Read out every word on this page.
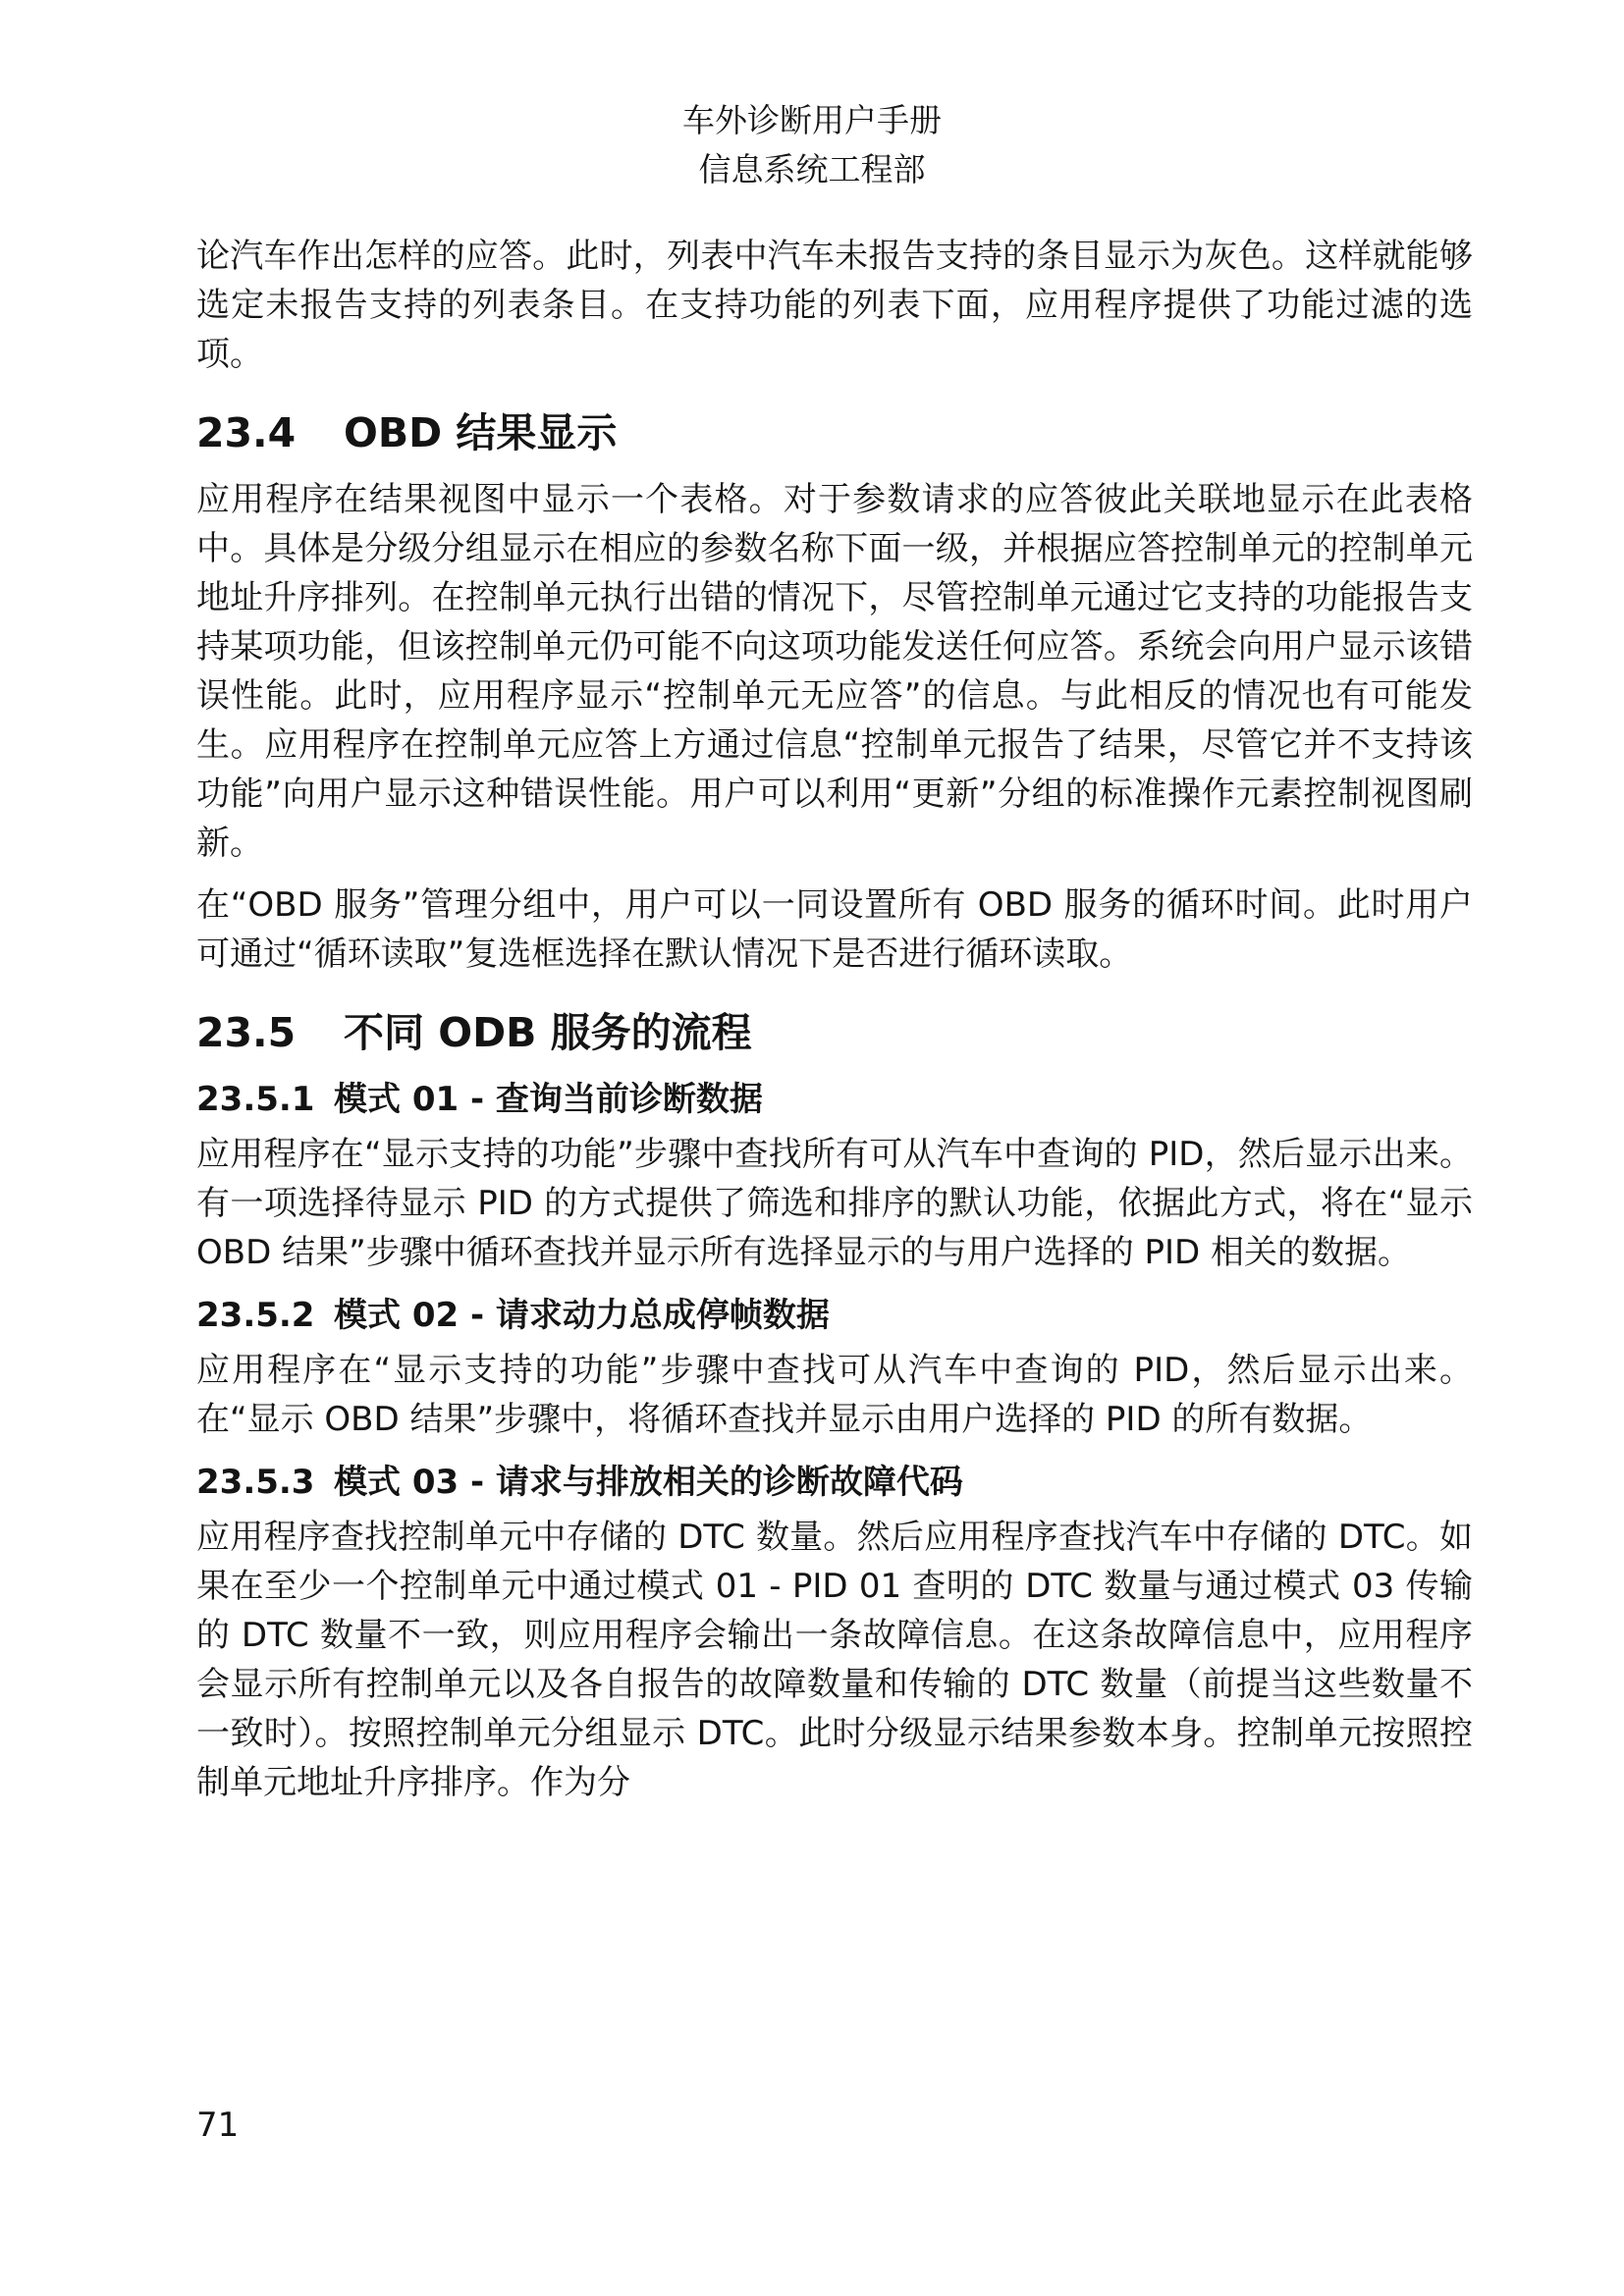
车外诊断用户手册
信息系统工程部

论汽车作出怎样的应答。此时，列表中汽车未报告支持的条目显示为灰色。这样就能够选定未报告支持的列表条目。在支持功能的列表下面，应用程序提供了功能过滤的选项。

23.4 OBD 结果显示

应用程序在结果视图中显示一个表格。对于参数请求的应答彼此关联地显示在此表格中。具体是分级分组显示在相应的参数名称下面一级，并根据应答控制单元的控制单元地址升序排列。在控制单元执行出错的情况下，尽管控制单元通过它支持的功能报告支持某项功能，但该控制单元仍可能不向这项功能发送任何应答。系统会向用户显示该错误性能。此时，应用程序显示“控制单元无应答”的信息。与此相反的情况也有可能发生。应用程序在控制单元应答上方通过信息“控制单元报告了结果，尽管它并不支持该功能”向用户显示这种错误性能。用户可以利用“更新”分组的标准操作元素控制视图刷新。

在“OBD 服务”管理分组中，用户可以一同设置所有 OBD 服务的循环时间。此时用户可通过“循环读取”复选框选择在默认情况下是否进行循环读取。

23.5 不同 ODB 服务的流程
23.5.1 模式 01 - 查询当前诊断数据

应用程序在“显示支持的功能”步骤中查找所有可从汽车中查询的 PID，然后显示出来。有一项选择待显示 PID 的方式提供了筛选和排序的默认功能，依据此方式，将在“显示 OBD 结果”步骤中循环查找并显示所有选择显示的与用户选择的 PID 相关的数据。

23.5.2 模式 02 - 请求动力总成停帧数据

应用程序在“显示支持的功能”步骤中查找可从汽车中查询的 PID，然后显示出来。在“显示 OBD 结果”步骤中，将循环查找并显示由用户选择的 PID 的所有数据。

23.5.3 模式 03 - 请求与排放相关的诊断故障代码

应用程序查找控制单元中存储的 DTC 数量。然后应用程序查找汽车中存储的 DTC。如果在至少一个控制单元中通过模式 01 - PID 01 查明的 DTC 数量与通过模式 03 传输的 DTC 数量不一致，则应用程序会输出一条故障信息。在这条故障信息中，应用程序会显示所有控制单元以及各自报告的故障数量和传输的 DTC 数量（前提当这些数量不一致时）。按照控制单元分组显示 DTC。此时分级显示结果参数本身。控制单元按照控制单元地址升序排序。作为分

71
